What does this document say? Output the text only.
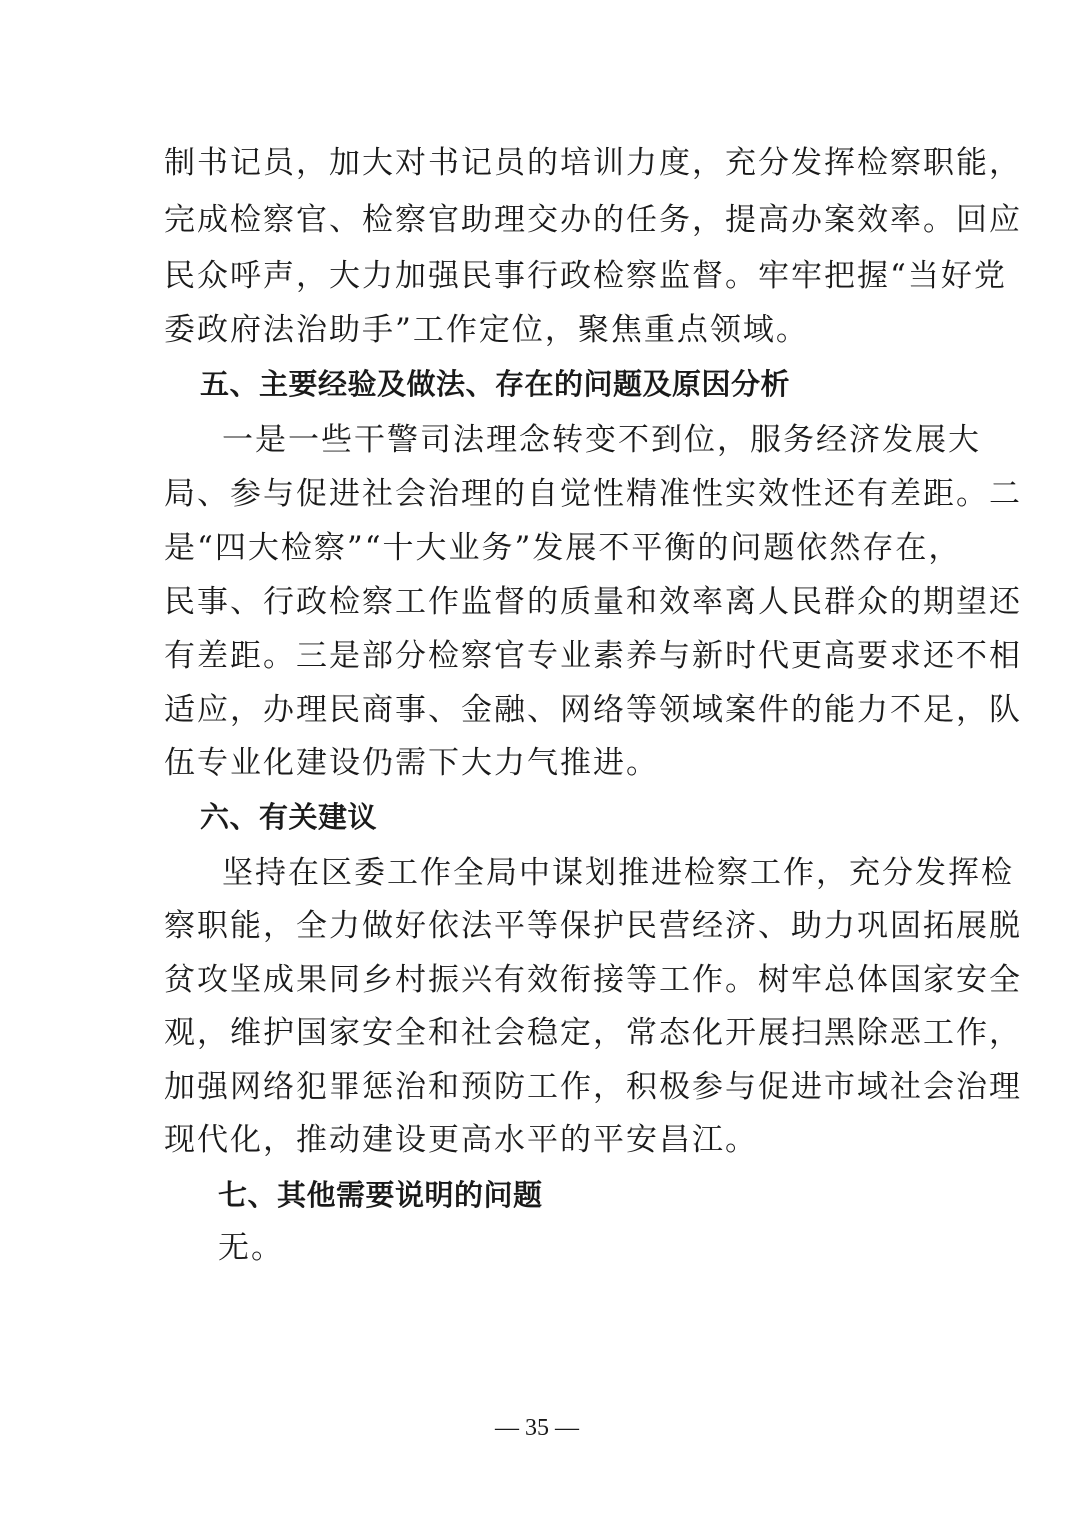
制书记员，加大对书记员的培训力度，充分发挥检察职能，
完成检察官、检察官助理交办的任务，提高办案效率。回应
民众呼声，大力加强民事行政检察监督。牢牢把握“当好党
委政府法治助手”工作定位，聚焦重点领域。
五、主要经验及做法、存在的问题及原因分析
一是一些干警司法理念转变不到位，服务经济发展大
局、参与促进社会治理的自觉性精准性实效性还有差距。二
是“四大检察”“十大业务”发展不平衡的问题依然存在，
民事、行政检察工作监督的质量和效率离人民群众的期望还
有差距。三是部分检察官专业素养与新时代更高要求还不相
适应，办理民商事、金融、网络等领域案件的能力不足，队
伍专业化建设仍需下大力气推进。
六、有关建议
坚持在区委工作全局中谋划推进检察工作，充分发挥检
察职能，全力做好依法平等保护民营经济、助力巩固拓展脱
贫攻坚成果同乡村振兴有效衔接等工作。树牢总体国家安全
观，维护国家安全和社会稳定，常态化开展扫黑除恶工作，
加强网络犯罪惩治和预防工作，积极参与促进市域社会治理
现代化，推动建设更高水平的平安昌江。
七、其他需要说明的问题
无。
— 35 —
